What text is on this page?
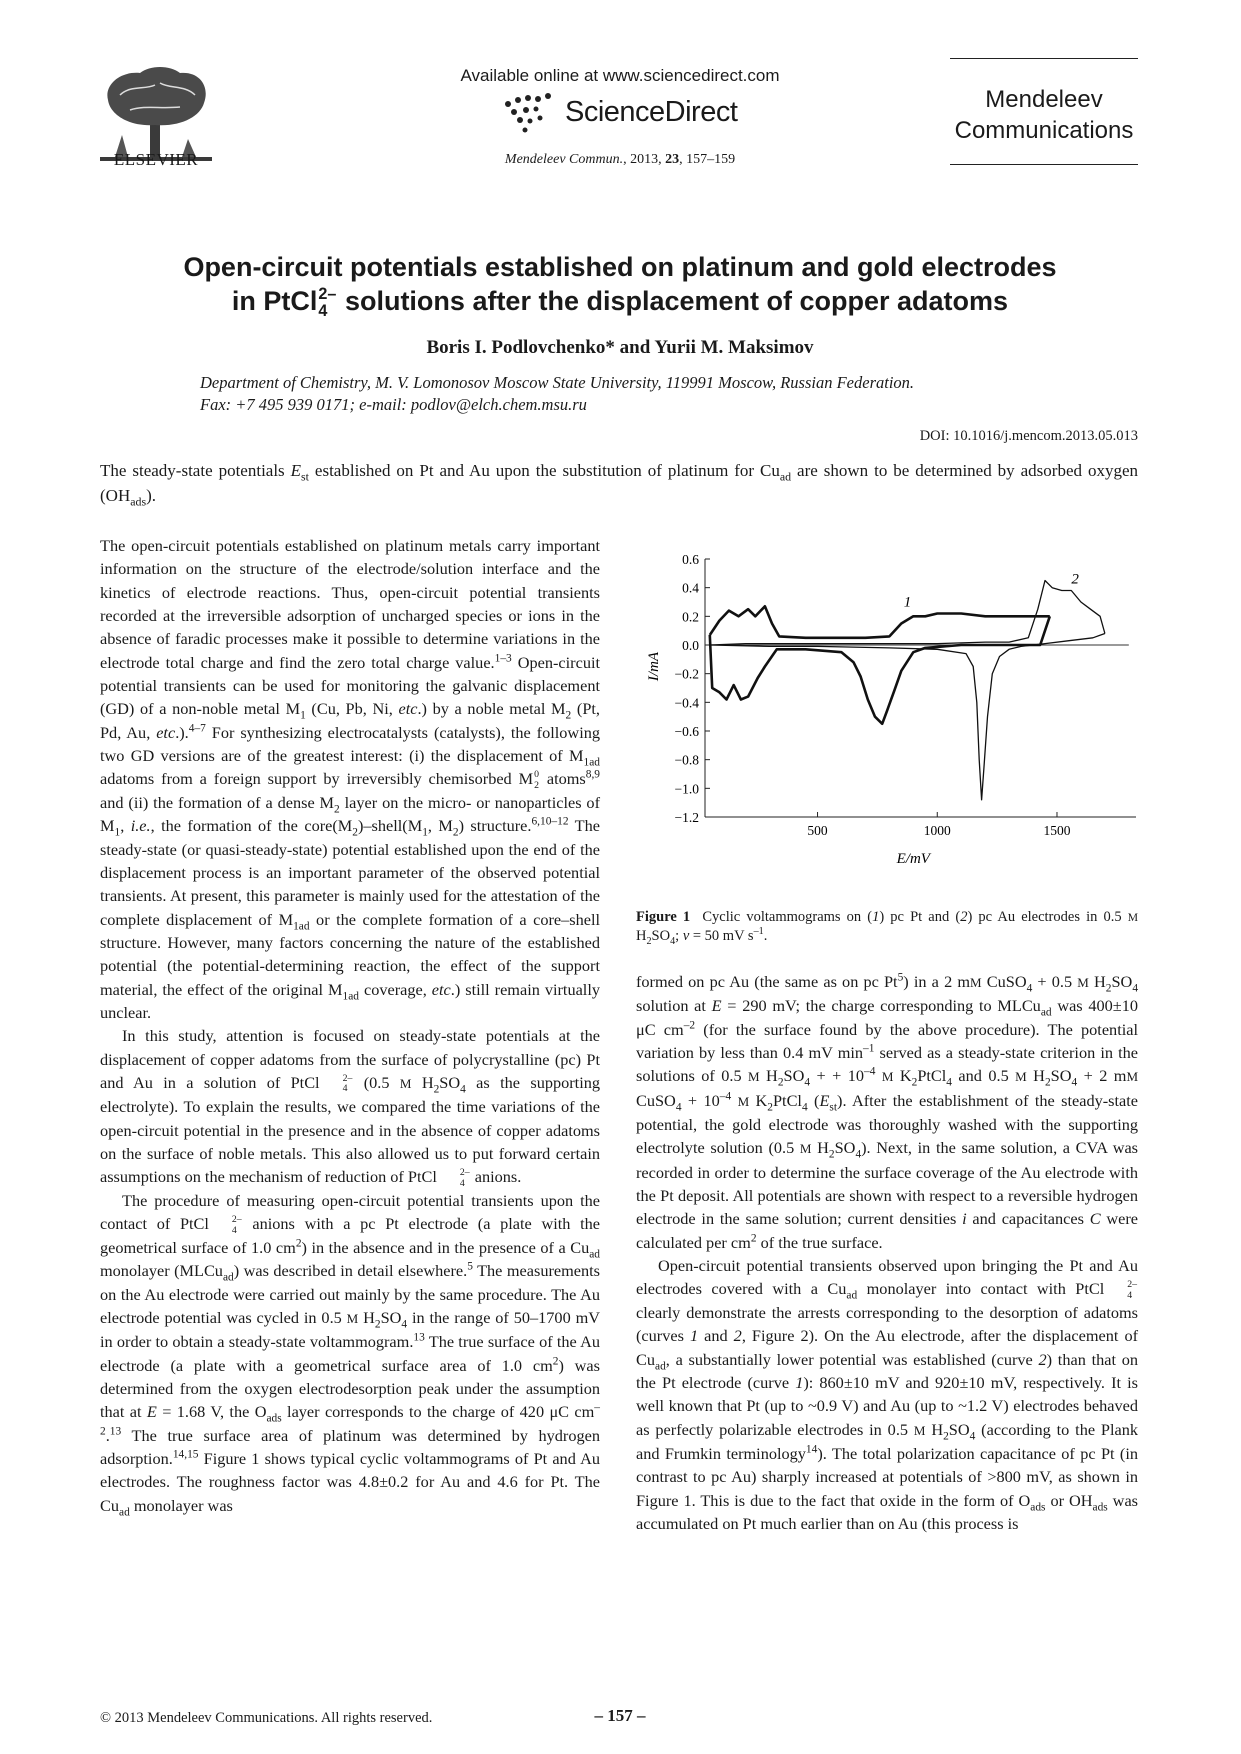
ELSEVIER
Available online at www.sciencedirect.com
ScienceDirect
Mendeleev Commun., 2013, 23, 157–159
Mendeleev
Communications
Open-circuit potentials established on platinum and gold electrodes
in PtCl 2–
4 solutions after the displacement of copper adatoms
Boris I. Podlovchenko* and Yurii M. Maksimov
Department of Chemistry, M. V. Lomonosov Moscow State University, 119991 Moscow, Russian Federation.
Fax: +7 495 939 0171; e-mail: podlov@elch.chem.msu.ru
DOI: 10.1016/j.mencom.2013.05.013
The steady-state potentials $E_{st}$ established on Pt and Au upon the substitution of platinum for $Cu_{ad}$ are shown to be determined by adsorbed oxygen $(OH_{ads})$.

The open-circuit potentials established on platinum metals carry important information on the structure of the electrode/solution interface and the kinetics of electrode reactions. Thus, open-circuit potential transients recorded at the irreversible adsorption of uncharged species or ions in the absence of faradic processes make it possible to determine variations in the electrode total charge and find the zero total charge value.$^{1-3}$ Open-circuit potential transients can be used for monitoring the galvanic displacement (GD) of a non-noble metal $M_1$ (Cu, Pb, Ni, etc.) by a noble metal $M_2$ (Pt, Pd, Au, etc.).$^{4-7}$ For synthesizing electrocatalysts (catalysts), the following two GD versions are of the greatest interest: (i) the displacement of $M_{1ad}$ adatoms from a foreign support by irreversibly chemisorbed M 0
2 atoms$^{8,9}$ and (ii) the formation of a dense $M_2$ layer on the micro- or nanoparticles of $M_1$, i.e., the formation of the $core(M_2)-shell(M_1$, $M_2$) structure.$^{6,10-12}$ The steady-state (or quasi-steady-state) potential established upon the end of the displacement process is an important parameter of the observed potential transients. At present, this parameter is mainly used for the attestation of the complete displacement of $M_{1ad}$ or the complete formation of a core–shell structure. However, many factors concerning the nature of the established potential (the potential-determining reaction, the effect of the support material, the effect of the original $M_{1ad}$ coverage, etc.) still remain virtually unclear.

In this study, attention is focused on steady-state potentials at the displacement of copper adatoms from the surface of polycrystalline (pc) Pt and Au in a solution of PtCl	2–
4 (0.5 M $H_2SO_4$ as the supporting electrolyte). To explain the results, we compared the time variations of the open-circuit potential in the presence and in the absence of copper adatoms on the surface of noble metals. This also allowed us to put forward certain assumptions on the mechanism of reduction of PtCl	2–
4 anions.

The procedure of measuring open-circuit potential transients upon the contact of PtCl	2–
4 anions with a pc Pt electrode (a plate with the geometrical surface of 1.0 $cm^2$) in the absence and in the presence of a $Cu_{ad}$ monolayer (MLCu$_{ad}$) was described in detail elsewhere.$^5$ The measurements on the Au electrode were carried out mainly by the same procedure. The Au electrode potential was cycled in 0.5 M $H_2SO_4$ in the range of 50–1700 mV in order to obtain a steady-state voltammogram.$^{13}$ The true surface of the Au electrode (a plate with a geometrical surface area of 1.0 $cm^2$) was determined from the oxygen electrodesorption peak under the assumption that at E = 1.68 V, the $O_{ads}$ layer corresponds to the charge of 420 μC $cm^{-2}.^{13}$ The true surface area of platinum was determined by hydrogen adsorption.$^{14,15}$ Figure 1 shows typical cyclic voltammograms of Pt and Au electrodes. The roughness factor was 4.8±0.2 for Au and 4.6 for Pt. The $Cu_{ad}$ monolayer was

0.6
0.4
0.2
0.0
−0.2
−0.4
−0.6
−0.8
−1.0
−1.2
500	1000	1500
I/mA
E/mV
1
2
Figure 1  Cyclic voltammograms on (1) pc Pt and (2) pc Au electrodes in 0.5 M $H_2SO_4$; v = 50 mV $s^{-1}$.

formed on pc Au (the same as on pc Pt$^5$) in a 2 mM CuSO$_4$ + 0.5 M $H_2SO_4$ solution at E = 290 mV; the charge corresponding to MLCu$_{ad}$ was 400±10 μC $cm^{-2}$ (for the surface found by the above procedure). The potential variation by less than 0.4 mV $\min^{-1}$ served as a steady-state criterion in the solutions of 0.5 M $H_2SO_4$ + + $10^{-4}$ M $K_2PtCl_4$ and 0.5 M $H_2SO_4 + 2$ mM CuSO$_4$ + $10^{-4}$ M $K_2PtCl_4$ $(E_{st})$. After the establishment of the steady-state potential, the gold electrode was thoroughly washed with the supporting electrolyte solution (0.5 M $H_2SO_4$). Next, in the same solution, a CVA was recorded in order to determine the surface coverage of the Au electrode with the Pt deposit. All potentials are shown with respect to a reversible hydrogen electrode in the same solution; current densities i and capacitances C were calculated per $cm^2$ of the true surface.

Open-circuit potential transients observed upon bringing the Pt and Au electrodes covered with a $Cu_{ad}$ monolayer into contact with PtCl	2–
4
clearly demonstrate the arrests corresponding to the desorption of adatoms (curves 1 and 2, Figure 2). On the Au electrode, after the displacement of $Cu_{ad}$, a substantially lower potential was established (curve 2) than that on the Pt electrode (curve 1): 860±10 mV and 920±10 mV, respectively. It is well known that Pt (up to ~0.9 V) and Au (up to ~1.2 V) electrodes behaved as perfectly polarizable electrodes in 0.5 M $H_2SO_4$ (according to the Plank and Frumkin terminology$^{14}$). The total polarization capacitance of pc Pt (in contrast to pc Au) sharply increased at potentials of >800 mV, as shown in Figure 1. This is due to the fact that oxide in the form of $O_{ads}$ or $OH_{ads}$ was accumulated on Pt much earlier than on Au (this process is

© 2013 Mendeleev Communications. All rights reserved.	– 157 –
